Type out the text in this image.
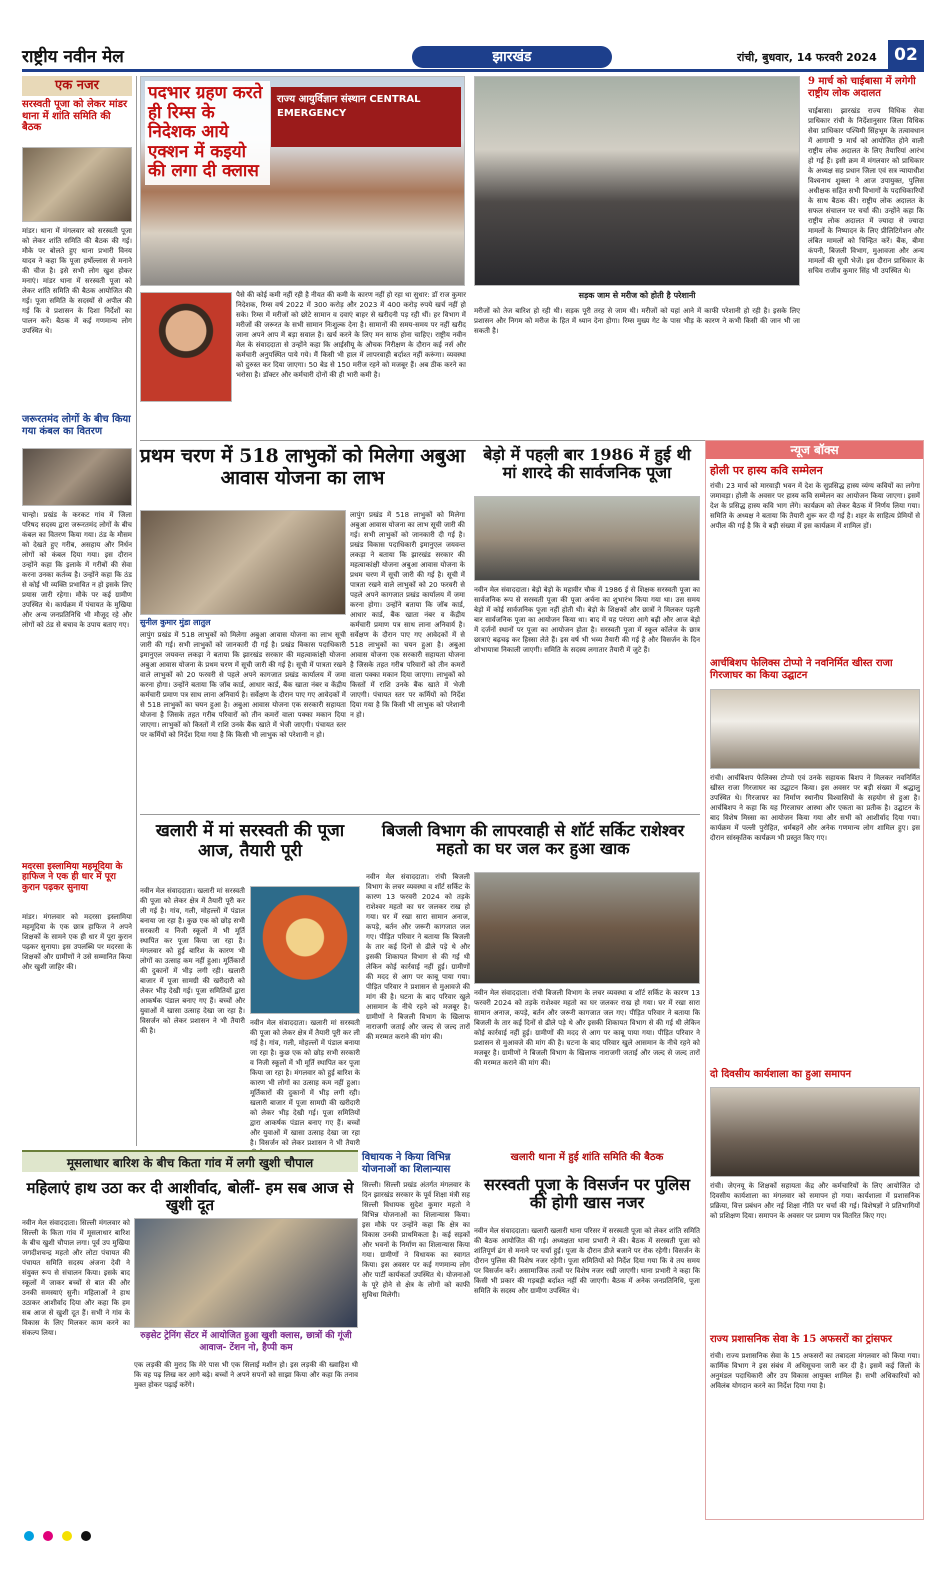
राष्ट्रीय नवीन मेल	झारखंड	रांची, बुधवार, 14 फरवरी 2024	02
एक नजर
सरस्वती पूजा को लेकर मांडर थाना में शांति समिति की बैठक
मांडर। थाना में मंगलवार को सरस्वती पूजा को लेकर शांति समिति की बैठक की गई। मौके पर बोलते हुए थाना प्रभारी विनय यादव ने कहा कि पूजा हर्षोल्लास से मनाने की चीज है। इसे सभी लोग खुश होकर मनाएं। मांडर थाना में सरस्वती पूजा को लेकर शांति समिति की बैठक आयोजित की गई। पूजा समिति के सदस्यों से अपील की गई कि वे प्रशासन के दिशा निर्देशों का पालन करें। बैठक में कई गणमान्य लोग उपस्थित थे।
जरूरतमंद लोगों के बीच किया गया कंबल का वितरण
चान्हो। प्रखंड के करकट गांव में जिला परिषद सदस्य द्वारा जरूरतमंद लोगों के बीच कंबल का वितरण किया गया। ठंड के मौसम को देखते हुए गरीब, असहाय और निर्धन लोगों को कंबल दिया गया। इस दौरान उन्होंने कहा कि इलाके में गरीबों की सेवा करना उनका कर्तव्य है। उन्होंने कहा कि ठंड से कोई भी व्यक्ति प्रभावित न हो इसके लिए प्रयास जारी रहेगा। मौके पर कई ग्रामीण उपस्थित थे। कार्यक्रम में पंचायत के मुखिया और अन्य जनप्रतिनिधि भी मौजूद रहे और लोगों को ठंड से बचाव के उपाय बताए गए।
मदरसा इस्लामिया महमूदिया के हाफिज ने एक ही धार में पूरा कुरान पढ़कर सुनाया
मांडर। मंगलवार को मदरसा इस्लामिया महमूदिया के एक छात्र हाफिज ने अपने शिक्षकों के सामने एक ही धार में पूरा कुरान पढ़कर सुनाया। इस उपलब्धि पर मदरसा के शिक्षकों और ग्रामीणों ने उसे सम्मानित किया और खुशी जाहिर की।
राज्य आयुर्विज्ञान संस्थान CENTRAL EMERGENCY
पदभार ग्रहण करते ही रिम्स के निदेशक आये एक्शन में कइयो की लगा दी क्लास
पैसे की कोई कमी नहीं रही है नीयत की कमी के कारण नहीं हो रहा था सुधार: डॉ राज कुमार निदेशक, रिम्स वर्ष 2022 में 300 करोड़ और 2023 में 400 करोड़ रुपये खर्च नहीं हो सके। रिम्स में मरीजों को छोटे सामान व दवाएं बाहर से खरीदनी पड़ रही थीं। हर विभाग में मरीजों की जरूरत के सभी सामान निःशुल्क देना है। सामानों की समय-समय पर नहीं खरीद जाना अपने आप में बड़ा सवाल है। खर्च करने के लिए मन साफ होना चाहिए। राष्ट्रीय नवीन मेल के संवाददाता से उन्होंने कहा कि आईसीयू के औचक निरीक्षण के दौरान कई नर्स और कर्मचारी अनुपस्थित पाये गये। मैं किसी भी हाल में लापरवाही बर्दाश्त नहीं करूंगा। व्यवस्था को दुरुस्त कर दिया जाएगा। 50 बेड से 150 मरीज रहने को मजबूर हैं। अब ठीक करने का भरोसा है। डॉक्टर और कर्मचारी दोनों की ही भारी कमी है।
सड़क जाम से मरीज को होती है परेशानी
मरीजों को तेज बारिश हो रही थी। सड़क पूरी तरह से जाम थी। मरीजों को यहां आने में काफी परेशानी हो रही है। इसके लिए प्रशासन और निगम को मरीज के हित में ध्यान देना होगा। रिम्स मुख्य गेट के पास भीड़ के कारण ने कभी किसी की जान भी जा सकती है।
9 मार्च को चाईबासा में लगेगी राष्ट्रीय लोक अदालत
चाईबासा। झारखंड राज्य विधिक सेवा प्राधिकार रांची के निर्देशानुसार जिला विधिक सेवा प्राधिकार पश्चिमी सिंहभूम के तत्वावधान में आगामी 9 मार्च को आयोजित होने वाली राष्ट्रीय लोक अदालत के लिए तैयारियां आरंभ हो गई हैं। इसी क्रम में मंगलवार को प्राधिकार के अध्यक्ष सह प्रधान जिला एवं सत्र न्यायाधीश विश्वनाथ शुक्ला ने आज उपायुक्त, पुलिस अधीक्षक सहित सभी विभागों के पदाधिकारियों के साथ बैठक की। राष्ट्रीय लोक अदालत के सफल संचालन पर चर्चा की। उन्होंने कहा कि राष्ट्रीय लोक अदालत में ज्यादा से ज्यादा मामलों के निष्पादन के लिए प्रीलिटिगेशन और लंबित मामलों को चिन्हित करें। बैंक, बीमा कंपनी, बिजली विभाग, मुआवजा और अन्य मामलों की सूची भेजें। इस दौरान प्राधिकार के सचिव राजीव कुमार सिंह भी उपस्थित थे।
प्रथम चरण में 518 लाभुकों को मिलेगा अबुआ आवास योजना का लाभ
सुनील कुमार मुंडा लातुल
लापुंग प्रखंड में 518 लाभुकों को मिलेगा अबुआ आवास योजना का लाभ सूची जारी की गई। सभी लाभुकों को जानकारी दी गई है। प्रखंड विकास पदाधिकारी इमानुएल जयवन्त लकड़ा ने बताया कि झारखंड सरकार की महत्वाकांक्षी योजना अबुआ आवास योजना के प्रथम चरण में सूची जारी की गई है। सूची में पात्रता रखने वाले लाभुकों को 20 फरवरी से पहले अपने कागजात प्रखंड कार्यालय में जमा करना होगा। उन्होंने बताया कि जॉब कार्ड, आधार कार्ड, बैंक खाता नंबर व केंद्रीय कर्मचारी प्रमाण पत्र साथ लाना अनिवार्य है। सर्वेक्षण के दौरान पाए गए आवेदकों में से 518 लाभुकों का चयन हुआ है। अबुआ आवास योजना एक सरकारी सहायता योजना है जिसके तहत गरीब परिवारों को तीन कमरों वाला पक्का मकान दिया जाएगा। लाभुकों को किस्तों में राशि उनके बैंक खाते में भेजी जाएगी। पंचायत स्तर पर कर्मियों को निर्देश दिया गया है कि किसी भी लाभुक को परेशानी न हो।
लापुंग प्रखंड में 518 लाभुकों को मिलेगा अबुआ आवास योजना का लाभ सूची जारी की गई। सभी लाभुकों को जानकारी दी गई है। प्रखंड विकास पदाधिकारी इमानुएल जयवन्त लकड़ा ने बताया कि झारखंड सरकार की महत्वाकांक्षी योजना अबुआ आवास योजना के प्रथम चरण में सूची जारी की गई है। सूची में पात्रता रखने वाले लाभुकों को 20 फरवरी से पहले अपने कागजात प्रखंड कार्यालय में जमा करना होगा। उन्होंने बताया कि जॉब कार्ड, आधार कार्ड, बैंक खाता नंबर व केंद्रीय कर्मचारी प्रमाण पत्र साथ लाना अनिवार्य है। सर्वेक्षण के दौरान पाए गए आवेदकों में से 518 लाभुकों का चयन हुआ है। अबुआ आवास योजना एक सरकारी सहायता योजना है जिसके तहत गरीब परिवारों को तीन कमरों वाला पक्का मकान दिया जाएगा। लाभुकों को किस्तों में राशि उनके बैंक खाते में भेजी जाएगी। पंचायत स्तर पर कर्मियों को निर्देश दिया गया है कि किसी भी लाभुक को परेशानी न हो।
बेड़ो में पहली बार 1986 में हुई थी मां शारदे की सार्वजनिक पूजा
नवीन मेल संवाददाता। बेड़ो बेड़ो के महावीर चौक में 1986 ई से शिक्षक सरस्वती पूजा का सार्वजनिक रूप से सरस्वती पूजा की पूजा अर्चना का शुभारंभ किया गया था। उस समय बेड़ो में कोई सार्वजनिक पूजा नहीं होती थी। बेड़ो के शिक्षकों और छात्रों ने मिलकर पहली बार सार्वजनिक पूजा का आयोजन किया था। बाद में यह परंपरा आगे बढ़ी और आज बेड़ो में दर्जनों स्थानों पर पूजा का आयोजन होता है। सरस्वती पूजा में स्कूल कॉलेज के छात्र छात्राएं बढ़चढ़ कर हिस्सा लेते हैं। इस वर्ष भी भव्य तैयारी की गई है और विसर्जन के दिन शोभायात्रा निकाली जाएगी। समिति के सदस्य लगातार तैयारी में जुटे हैं।
न्यूज बॉक्स
होली पर हास्य कवि सम्मेलन
रांची। 23 मार्च को मारवाड़ी भवन में देश के सुप्रसिद्ध हास्य व्यंग्य कवियों का लगेगा जमावड़ा। होली के अवसर पर हास्य कवि सम्मेलन का आयोजन किया जाएगा। इसमें देश के प्रसिद्ध हास्य कवि भाग लेंगे। कार्यक्रम को लेकर बैठक में निर्णय लिया गया। समिति के अध्यक्ष ने बताया कि तैयारी शुरू कर दी गई है। शहर के साहित्य प्रेमियों से अपील की गई है कि वे बड़ी संख्या में इस कार्यक्रम में शामिल हों।
आर्चबिशप फेलिक्स टोप्पो ने नवनिर्मित खीस्त राजा गिरजाघर का किया उद्घाटन
रांची। आर्चबिशप फेलिक्स टोप्पो एवं उनके सहायक बिशप ने मिलकर नवनिर्मित खीस्त राजा गिरजाघर का उद्घाटन किया। इस अवसर पर बड़ी संख्या में श्रद्धालु उपस्थित थे। गिरजाघर का निर्माण स्थानीय विश्वासियों के सहयोग से हुआ है। आर्चबिशप ने कहा कि यह गिरजाघर आस्था और एकता का प्रतीक है। उद्घाटन के बाद विशेष मिस्सा का आयोजन किया गया और सभी को आशीर्वाद दिया गया। कार्यक्रम में पल्ली पुरोहित, धर्मबहनें और अनेक गणमान्य लोग शामिल हुए। इस दौरान सांस्कृतिक कार्यक्रम भी प्रस्तुत किए गए।
दो दिवसीय कार्यशाला का हुआ समापन
रांची। जेएनयू के शिक्षकों सहायता केंद्र और कर्मचारियों के लिए आयोजित दो दिवसीय कार्यशाला का मंगलवार को समापन हो गया। कार्यशाला में प्रशासनिक प्रक्रिया, वित्त प्रबंधन और नई शिक्षा नीति पर चर्चा की गई। विशेषज्ञों ने प्रतिभागियों को प्रशिक्षण दिया। समापन के अवसर पर प्रमाण पत्र वितरित किए गए।
राज्य प्रशासनिक सेवा के 15 अफसरों का ट्रांसफर
रांची। राज्य प्रशासनिक सेवा के 15 अफसरों का तबादला मंगलवार को किया गया। कार्मिक विभाग ने इस संबंध में अधिसूचना जारी कर दी है। इसमें कई जिलों के अनुमंडल पदाधिकारी और उप विकास आयुक्त शामिल हैं। सभी अधिकारियों को अविलंब योगदान करने का निर्देश दिया गया है।
खलारी में मां सरस्वती की पूजा आज, तैयारी पूरी
नवीन मेल संवाददाता। खलारी मां सरस्वती की पूजा को लेकर क्षेत्र में तैयारी पूरी कर ली गई है। गांव, गली, मोहल्लों में पंडाल बनाया जा रहा है। कुछ एक को छोड़ सभी सरकारी व निजी स्कूलों में भी मूर्ति स्थापित कर पूजा किया जा रहा है। मंगलवार को हुई बारिश के कारण भी लोगों का उत्साह कम नहीं हुआ। मूर्तिकारों की दुकानों में भीड़ लगी रही। खलारी बाजार में पूजा सामग्री की खरीदारी को लेकर भीड़ देखी गई। पूजा समितियों द्वारा आकर्षक पंडाल बनाए गए हैं। बच्चों और युवाओं में खासा उत्साह देखा जा रहा है। विसर्जन को लेकर प्रशासन ने भी तैयारी की है।
नवीन मेल संवाददाता। खलारी मां सरस्वती की पूजा को लेकर क्षेत्र में तैयारी पूरी कर ली गई है। गांव, गली, मोहल्लों में पंडाल बनाया जा रहा है। कुछ एक को छोड़ सभी सरकारी व निजी स्कूलों में भी मूर्ति स्थापित कर पूजा किया जा रहा है। मंगलवार को हुई बारिश के कारण भी लोगों का उत्साह कम नहीं हुआ। मूर्तिकारों की दुकानों में भीड़ लगी रही। खलारी बाजार में पूजा सामग्री की खरीदारी को लेकर भीड़ देखी गई। पूजा समितियों द्वारा आकर्षक पंडाल बनाए गए हैं। बच्चों और युवाओं में खासा उत्साह देखा जा रहा है। विसर्जन को लेकर प्रशासन ने भी तैयारी
बिजली विभाग की लापरवाही से शॉर्ट सर्किट राशेश्वर महतो का घर जल कर हुआ खाक
नवीन मेल संवाददाता। रांची बिजली विभाग के लचर व्यवस्था व शॉर्ट सर्किट के कारण 13 फरवरी 2024 को तड़के राशेश्वर महतो का घर जलकर राख हो गया। घर में रखा सारा सामान अनाज, कपड़े, बर्तन और जरूरी कागजात जल गए। पीड़ित परिवार ने बताया कि बिजली के तार कई दिनों से ढीले पड़े थे और इसकी शिकायत विभाग से की गई थी लेकिन कोई कार्रवाई नहीं हुई। ग्रामीणों की मदद से आग पर काबू पाया गया। पीड़ित परिवार ने प्रशासन से मुआवजे की मांग की है। घटना के बाद परिवार खुले आसमान के नीचे रहने को मजबूर है। ग्रामीणों ने बिजली विभाग के खिलाफ नाराजगी जताई और जल्द से जल्द तारों की मरम्मत कराने की मांग की।
नवीन मेल संवाददाता। रांची बिजली विभाग के लचर व्यवस्था व शॉर्ट सर्किट के कारण 13 फरवरी 2024 को तड़के राशेश्वर महतो का घर जलकर राख हो गया। घर में रखा सारा सामान अनाज, कपड़े, बर्तन और जरूरी कागजात जल गए। पीड़ित परिवार ने बताया कि बिजली के तार कई दिनों से ढीले पड़े थे और इसकी शिकायत विभाग से की गई थी लेकिन कोई कार्रवाई नहीं हुई। ग्रामीणों की मदद से आग पर काबू पाया गया। पीड़ित परिवार ने प्रशासन से मुआवजे की मांग की है। घटना के बाद परिवार खुले आसमान के नीचे रहने को मजबूर है। ग्रामीणों ने बिजली विभाग के खिलाफ नाराजगी जताई और जल्द से जल्द तारों की मरम्मत कराने की मांग की।
मूसलाधार बारिश के बीच किता गांव में लगी खुशी चौपाल
महिलाएं हाथ उठा कर दी आशीर्वाद, बोलीं- हम सब आज से खुशी दूत
नवीन मेल संवाददाता। सिल्ली मंगलवार को सिल्ली के किता गांव में मूसलाधार बारिश के बीच खुशी चौपाल लगा। पूर्व उप मुखिया जगदीशचन्द्र महतो और लोटा पंचायत की पंचायत समिति सदस्य अंजना देवी ने संयुक्त रूप से संचालन किया। इसके बाद स्कूलों में जाकर बच्चों से बात की और उनकी समस्याएं सुनी। महिलाओं ने हाथ उठाकर आशीर्वाद दिया और कहा कि हम सब आज से खुशी दूत हैं। सभी ने गांव के विकास के लिए मिलकर काम करने का संकल्प लिया।	रुड़सेट ट्रेनिंग सेंटर में आयोजित हुआ खुशी क्लास, छात्रों की गूंजी आवाज- टेंशन नो, हैप्पी कम
एक लड़की की मुराद कि मेरे पास भी एक सिलाई मशीन हो। इस लड़की की ख्वाहिश थी कि वह पढ़ लिख कर आगे बढ़े। बच्चों ने अपने सपनों को साझा किया और कहा कि तनाव मुक्त होकर पढ़ाई करेंगे।
विधायक ने किया विभिन्न योजनाओं का शिलान्यास
सिल्ली। सिल्ली प्रखंड अंतर्गत मंगलवार के दिन झारखंड सरकार के पूर्व शिक्षा मंत्री सह सिल्ली विधायक सुदेश कुमार महतो ने विभिन्न योजनाओं का शिलान्यास किया। इस मौके पर उन्होंने कहा कि क्षेत्र का विकास उनकी प्राथमिकता है। कई सड़कों और भवनों के निर्माण का शिलान्यास किया गया। ग्रामीणों ने विधायक का स्वागत किया। इस अवसर पर कई गणमान्य लोग और पार्टी कार्यकर्ता उपस्थित थे। योजनाओं के पूरे होने से क्षेत्र के लोगों को काफी सुविधा मिलेगी।
खलारी थाना में हुई शांति समिति की बैठक
सरस्वती पूजा के विसर्जन पर पुलिस की होगी खास नजर
नवीन मेल संवाददाता। खलारी खलारी थाना परिसर में सरस्वती पूजा को लेकर शांति समिति की बैठक आयोजित की गई। अध्यक्षता थाना प्रभारी ने की। बैठक में सरस्वती पूजा को शांतिपूर्ण ढंग से मनाने पर चर्चा हुई। पूजा के दौरान डीजे बजाने पर रोक रहेगी। विसर्जन के दौरान पुलिस की विशेष नजर रहेगी। पूजा समितियों को निर्देश दिया गया कि वे तय समय पर विसर्जन करें। असामाजिक तत्वों पर विशेष नजर रखी जाएगी। थाना प्रभारी ने कहा कि किसी भी प्रकार की गड़बड़ी बर्दाश्त नहीं की जाएगी। बैठक में अनेक जनप्रतिनिधि, पूजा समिति के सदस्य और ग्रामीण उपस्थित थे।
